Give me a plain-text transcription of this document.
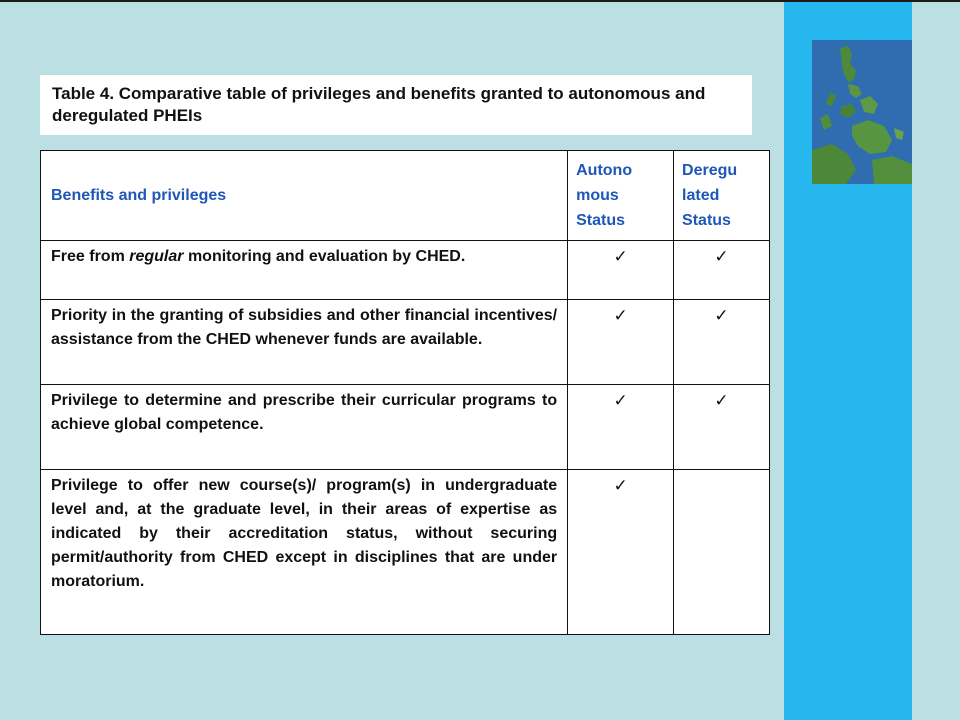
Table 4. Comparative table of privileges and benefits granted to autonomous and deregulated PHEIs
Benefits and privileges	Autono mous Status	Deregu lated Status
Free from regular monitoring and evaluation by CHED.	✓	✓
Priority in the granting of subsidies and other financial incentives/ assistance from the CHED whenever funds are available.	✓	✓
Privilege to determine and prescribe their curricular programs to achieve global competence.	✓	✓
Privilege to offer new course(s)/ program(s) in undergraduate level and, at the graduate level, in their areas of expertise as indicated by their accreditation status, without securing permit/authority from CHED except in disciplines that are under moratorium.	✓	
